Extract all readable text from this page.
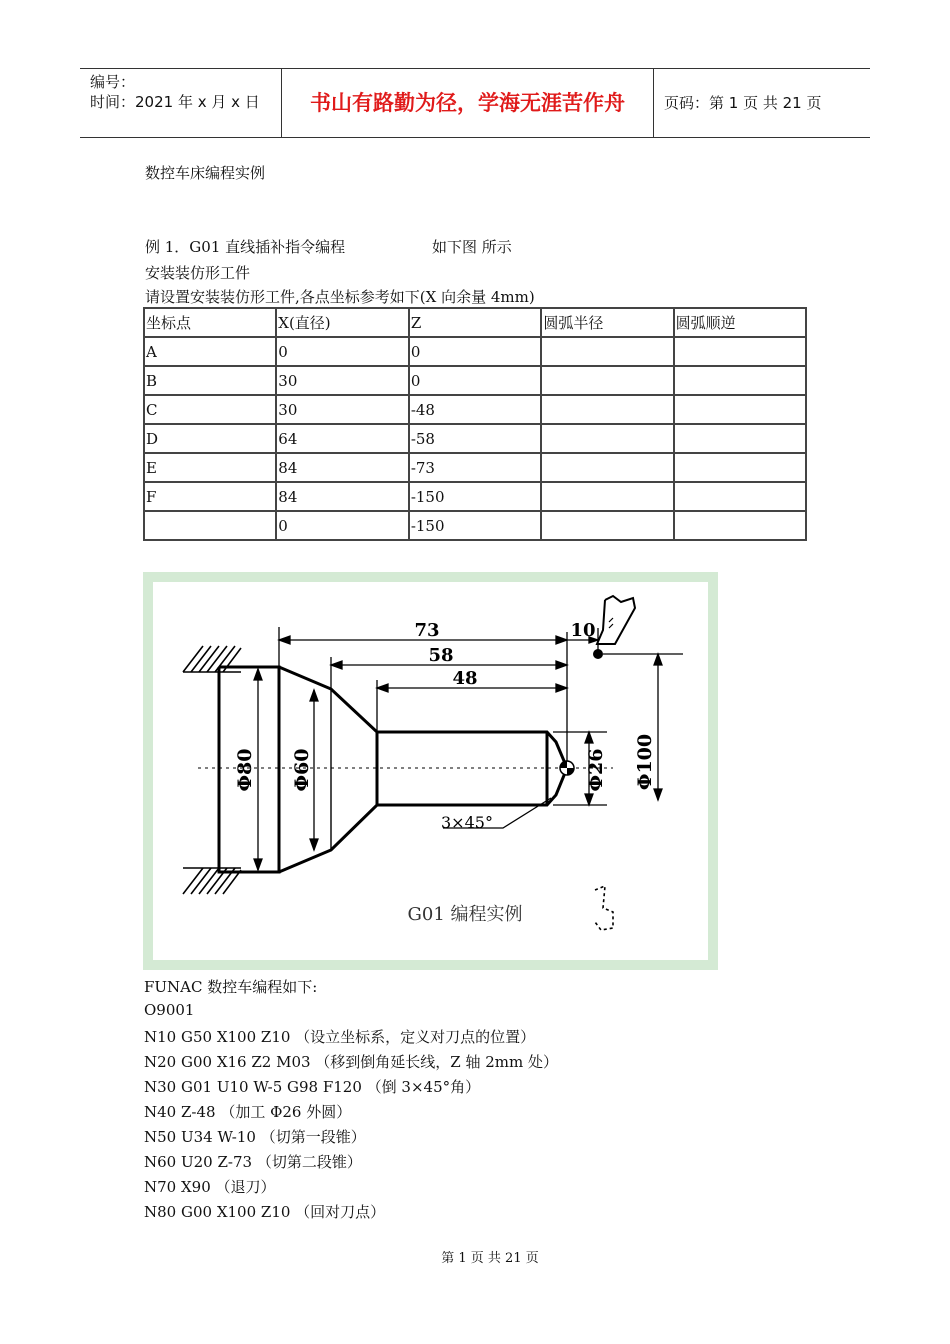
编号：
时间：2021 年 x 月 x 日	书山有路勤为径，学海无涯苦作舟	页码：第 1 页 共 21 页
数控车床编程实例
例 1．G01 直线插补指令编程	如下图 所示
安装装仿形工件
请设置安装装仿形工件,各点坐标参考如下(X 向余量 4mm)
坐标点	X(直径)	Z	圆弧半径	圆弧顺逆
A	0	0		
B	30	0		
C	30	-48		
D	64	-58		
E	84	-73		
F	84	-150		
	0	-150		
73
58
48
10
Φ80 Φ60	Φ26 Φ100
3×45°
G01 编程实例
FUNAC 数控车编程如下:
O9001
N10 G50 X100 Z10 （设立坐标系，定义对刀点的位置）
N20 G00 X16 Z2 M03 （移到倒角延长线，Z 轴 2mm 处）
N30 G01 U10 W-5 G98 F120 （倒 3×45°角）
N40 Z-48 （加工 Φ26 外圆）
N50 U34 W-10 （切第一段锥）
N60 U20 Z-73 （切第二段锥）
N70 X90 （退刀）
N80 G00 X100 Z10 （回对刀点）
第 1 页 共 21 页
